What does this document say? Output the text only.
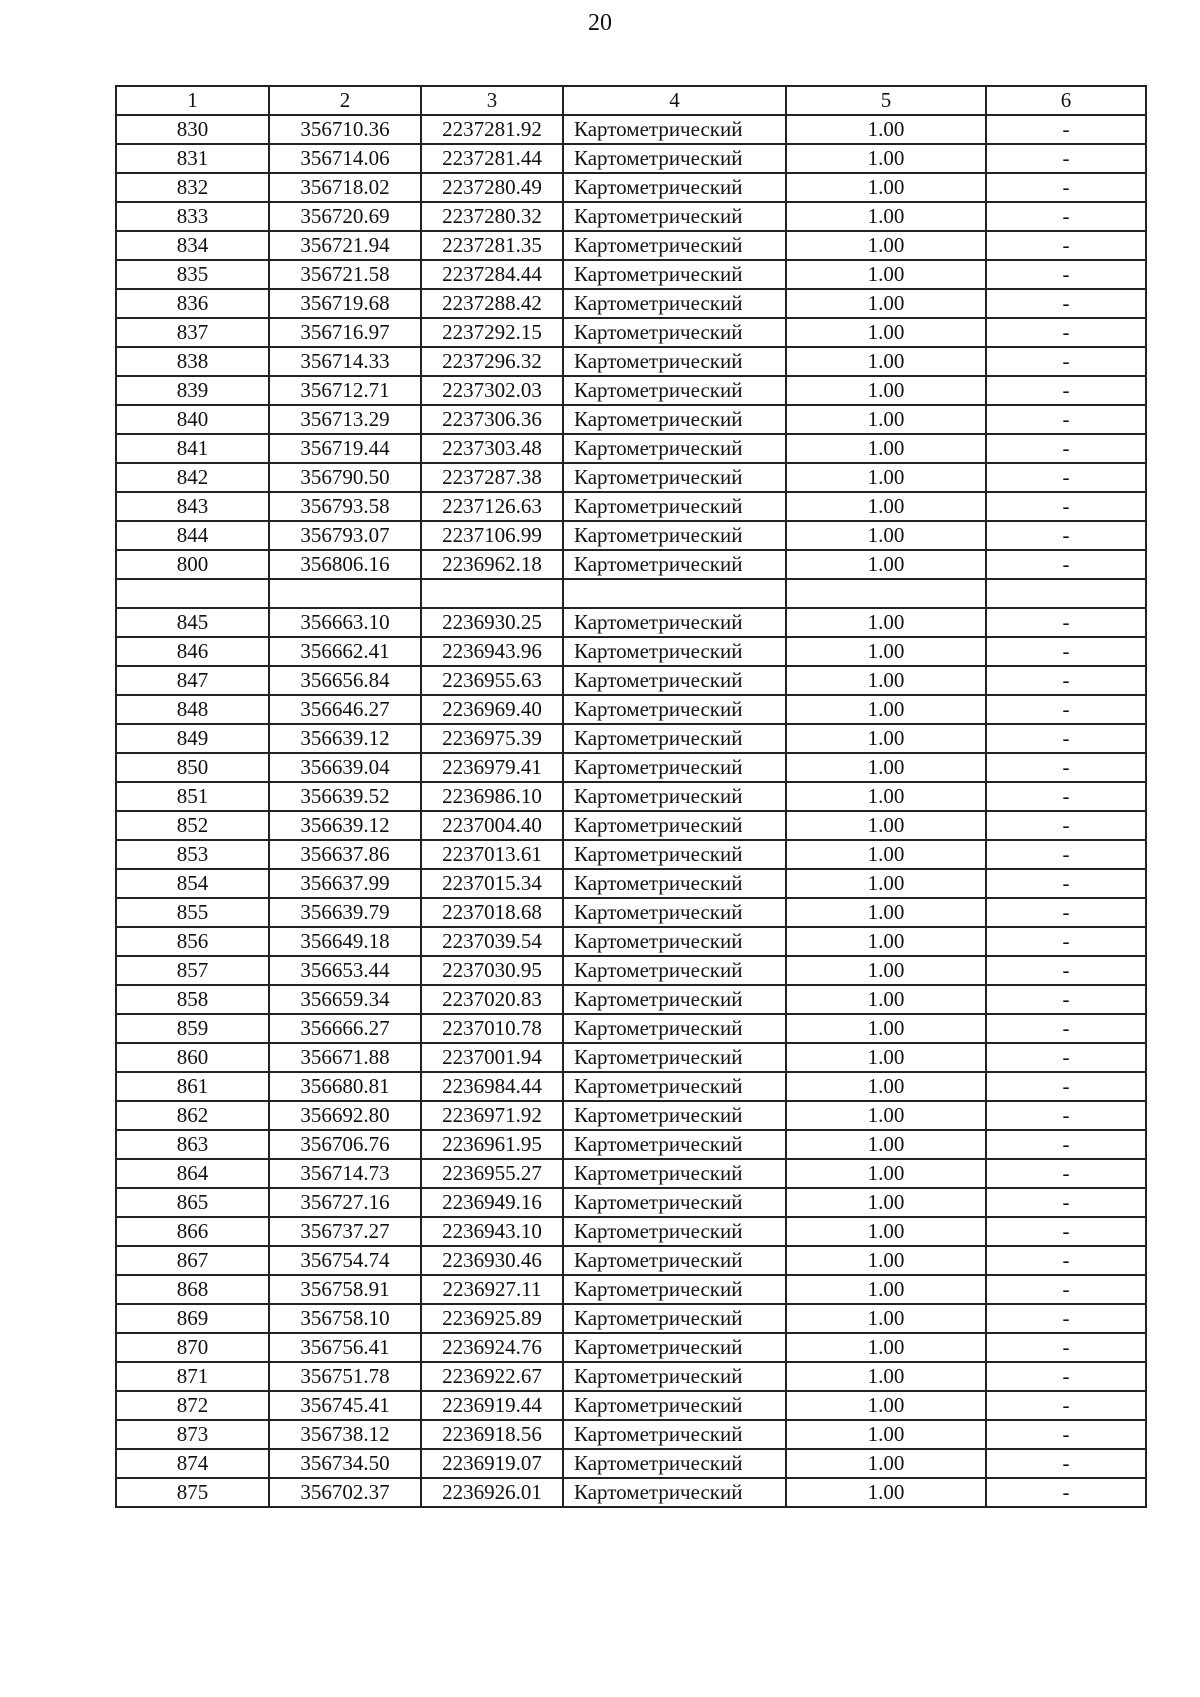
20
1	2	3	4	5	6
830	356710.36	2237281.92	Картометрический	1.00	-
831	356714.06	2237281.44	Картометрический	1.00	-
832	356718.02	2237280.49	Картометрический	1.00	-
833	356720.69	2237280.32	Картометрический	1.00	-
834	356721.94	2237281.35	Картометрический	1.00	-
835	356721.58	2237284.44	Картометрический	1.00	-
836	356719.68	2237288.42	Картометрический	1.00	-
837	356716.97	2237292.15	Картометрический	1.00	-
838	356714.33	2237296.32	Картометрический	1.00	-
839	356712.71	2237302.03	Картометрический	1.00	-
840	356713.29	2237306.36	Картометрический	1.00	-
841	356719.44	2237303.48	Картометрический	1.00	-
842	356790.50	2237287.38	Картометрический	1.00	-
843	356793.58	2237126.63	Картометрический	1.00	-
844	356793.07	2237106.99	Картометрический	1.00	-
800	356806.16	2236962.18	Картометрический	1.00	-

845	356663.10	2236930.25	Картометрический	1.00	-
846	356662.41	2236943.96	Картометрический	1.00	-
847	356656.84	2236955.63	Картометрический	1.00	-
848	356646.27	2236969.40	Картометрический	1.00	-
849	356639.12	2236975.39	Картометрический	1.00	-
850	356639.04	2236979.41	Картометрический	1.00	-
851	356639.52	2236986.10	Картометрический	1.00	-
852	356639.12	2237004.40	Картометрический	1.00	-
853	356637.86	2237013.61	Картометрический	1.00	-
854	356637.99	2237015.34	Картометрический	1.00	-
855	356639.79	2237018.68	Картометрический	1.00	-
856	356649.18	2237039.54	Картометрический	1.00	-
857	356653.44	2237030.95	Картометрический	1.00	-
858	356659.34	2237020.83	Картометрический	1.00	-
859	356666.27	2237010.78	Картометрический	1.00	-
860	356671.88	2237001.94	Картометрический	1.00	-
861	356680.81	2236984.44	Картометрический	1.00	-
862	356692.80	2236971.92	Картометрический	1.00	-
863	356706.76	2236961.95	Картометрический	1.00	-
864	356714.73	2236955.27	Картометрический	1.00	-
865	356727.16	2236949.16	Картометрический	1.00	-
866	356737.27	2236943.10	Картометрический	1.00	-
867	356754.74	2236930.46	Картометрический	1.00	-
868	356758.91	2236927.11	Картометрический	1.00	-
869	356758.10	2236925.89	Картометрический	1.00	-
870	356756.41	2236924.76	Картометрический	1.00	-
871	356751.78	2236922.67	Картометрический	1.00	-
872	356745.41	2236919.44	Картометрический	1.00	-
873	356738.12	2236918.56	Картометрический	1.00	-
874	356734.50	2236919.07	Картометрический	1.00	-
875	356702.37	2236926.01	Картометрический	1.00	-
